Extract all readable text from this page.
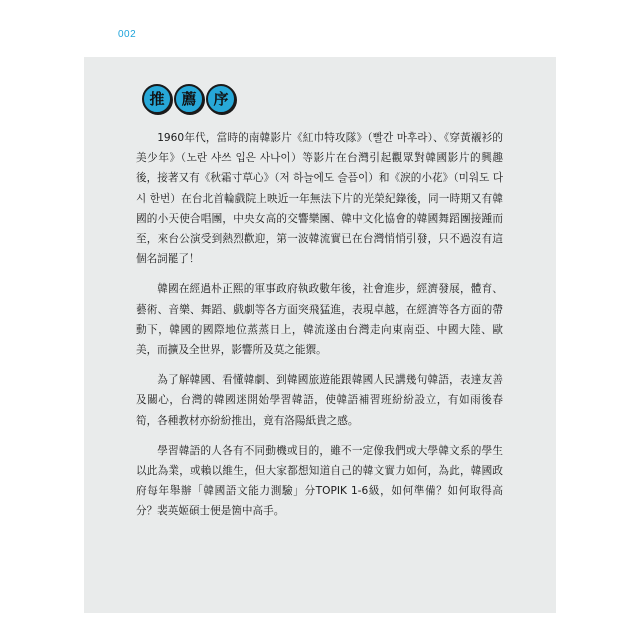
002
推	薦	序

1960年代，當時的南韓影片《紅巾特攻隊》（빨간 마후라）、《穿黃襯衫的美少年》（노란 샤쓰 입은 사나이）等影片在台灣引起觀眾對韓國影片的興趣後，接著又有《秋霜寸草心》（저 하늘에도 슬픔이）和《淚的小花》（미워도 다시 한번）在台北首輪戲院上映近一年無法下片的光榮紀錄後，同一時期又有韓國的小天使合唱團，中央女高的交響樂團、韓中文化協會的韓國舞蹈團接踵而至，來台公演受到熱烈歡迎，第一波韓流實已在台灣悄悄引發，只不過沒有這個名詞罷了！

韓國在經過朴正熙的軍事政府執政數年後，社會進步，經濟發展，體育、藝術、音樂、舞蹈、戲劇等各方面突飛猛進，表現卓越，在經濟等各方面的帶動下，韓國的國際地位蒸蒸日上，韓流遂由台灣走向東南亞、中國大陸、歐美，而擴及全世界，影響所及莫之能禦。

為了解韓國、看懂韓劇、到韓國旅遊能跟韓國人民講幾句韓語，表達友善及關心，台灣的韓國迷開始學習韓語，使韓語補習班紛紛設立，有如雨後春筍，各種教材亦紛紛推出，竟有洛陽紙貴之感。

學習韓語的人各有不同動機或目的，雖不一定像我們或大學韓文系的學生以此為業，或賴以維生，但大家都想知道自己的韓文實力如何，為此，韓國政府每年舉辦「韓國語文能力測驗」分TOPIK 1-6級，如何準備？如何取得高分？裴英姬碩士便是箇中高手。
